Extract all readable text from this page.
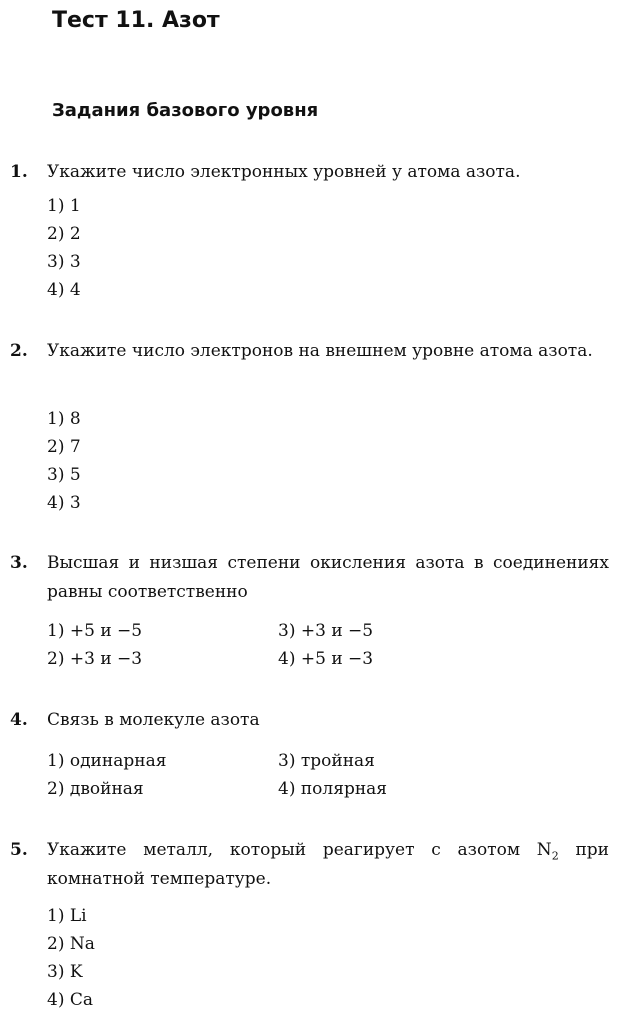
Тест 11. Азот
Задания базового уровня
1. Укажите число электронных уровней у атома азота.
1) 1
2) 2
3) 3
4) 4
2. Укажите число электронов на внешнем уровне атома азота.
1) 8
2) 7
3) 5
4) 3
3. Высшая и низшая степени окисления азота в соединениях равны соответственно
1) +5 и −5
2) +3 и −3
3) +3 и −5
4) +5 и −3
4. Связь в молекуле азота
1) одинарная
2) двойная
3) тройная
4) полярная
5. Укажите металл, который реагирует с азотом $N_2$ при комнатной температуре.
1) Li
2) Na
3) K
4) Ca
